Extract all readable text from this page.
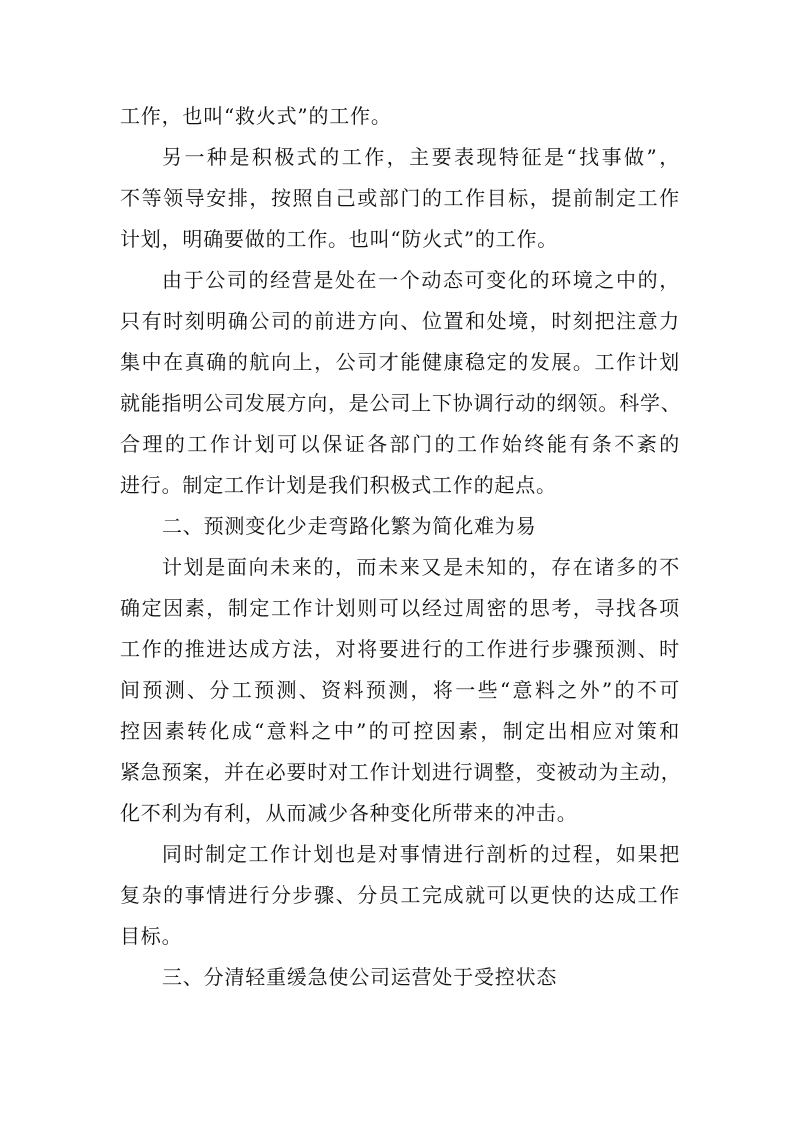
工作，也叫“救火式”的工作。
另一种是积极式的工作，主要表现特征是“找事做”，
不等领导安排，按照自己或部门的工作目标，提前制定工作
计划，明确要做的工作。也叫“防火式”的工作。
由于公司的经营是处在一个动态可变化的环境之中的，
只有时刻明确公司的前进方向、位置和处境，时刻把注意力
集中在真确的航向上，公司才能健康稳定的发展。工作计划
就能指明公司发展方向，是公司上下协调行动的纲领。科学、
合理的工作计划可以保证各部门的工作始终能有条不紊的
进行。制定工作计划是我们积极式工作的起点。
二、预测变化少走弯路化繁为简化难为易
计划是面向未来的，而未来又是未知的，存在诸多的不
确定因素，制定工作计划则可以经过周密的思考，寻找各项
工作的推进达成方法，对将要进行的工作进行步骤预测、时
间预测、分工预测、资料预测，将一些“意料之外”的不可
控因素转化成“意料之中”的可控因素，制定出相应对策和
紧急预案，并在必要时对工作计划进行调整，变被动为主动，
化不利为有利，从而减少各种变化所带来的冲击。
同时制定工作计划也是对事情进行剖析的过程，如果把
复杂的事情进行分步骤、分员工完成就可以更快的达成工作
目标。
三、分清轻重缓急使公司运营处于受控状态
